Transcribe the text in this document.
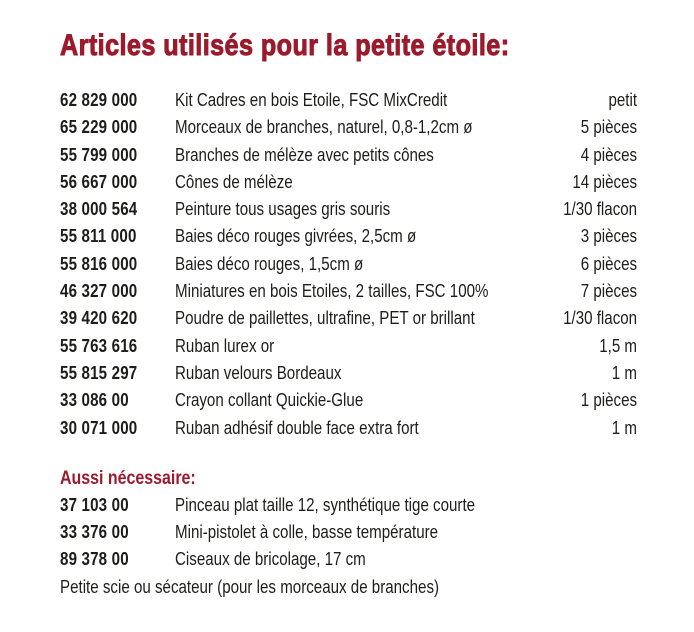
Articles utilisés pour la petite étoile:
62 829 000	Kit Cadres en bois Etoile, FSC MixCredit	petit
65 229 000	Morceaux de branches, naturel, 0,8-1,2cm ø	5 pièces
55 799 000	Branches de mélèze avec petits cônes	4 pièces
56 667 000	Cônes de mélèze	14 pièces
38 000 564	Peinture tous usages gris souris	1/30 flacon
55 811 000	Baies déco rouges givrées, 2,5cm ø	3 pièces
55 816 000	Baies déco rouges, 1,5cm ø	6 pièces
46 327 000	Miniatures en bois Etoiles, 2 tailles, FSC 100%	7 pièces
39 420 620	Poudre de paillettes, ultrafine, PET or brillant	1/30 flacon
55 763 616	Ruban lurex or	1,5 m
55 815 297	Ruban velours Bordeaux	1 m
33 086 00	Crayon collant Quickie-Glue	1 pièces
30 071 000	Ruban adhésif double face extra fort	1 m
Aussi nécessaire:
37 103 00	Pinceau plat taille 12, synthétique tige courte
33 376 00	Mini-pistolet à colle, basse température
89 378 00	Ciseaux de bricolage, 17 cm
Petite scie ou sécateur (pour les morceaux de branches)
